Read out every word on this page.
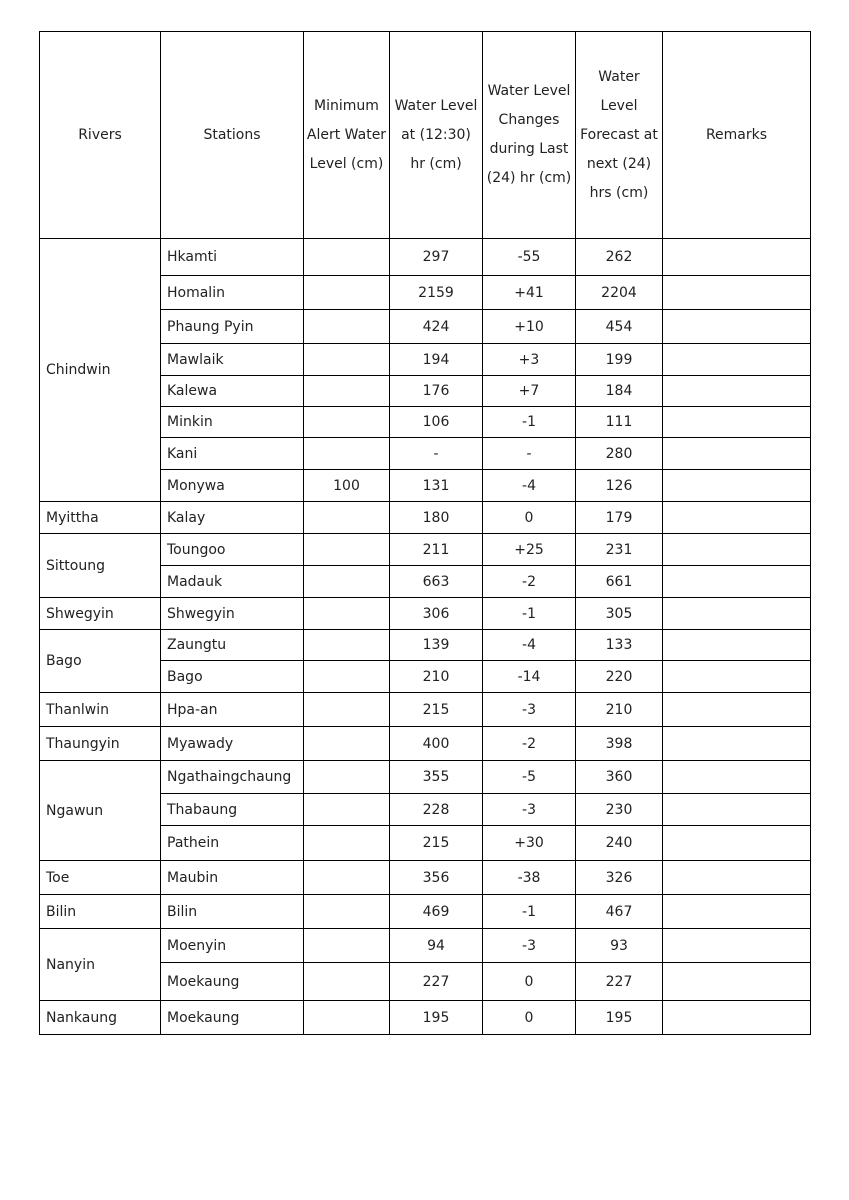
Rivers	Stations	Minimum Alert Water Level (cm)	Water Level at (12:30) hr (cm)	Water Level Changes during Last (24) hr (cm)	Water Level Forecast at next (24) hrs (cm)	Remarks
Chindwin	Hkamti		297	-55	262	
	Homalin		2159	+41	2204	
	Phaung Pyin		424	+10	454	
	Mawlaik		194	+3	199	
	Kalewa		176	+7	184	
	Minkin		106	-1	111	
	Kani		-	-	280	
	Monywa	100	131	-4	126	
Myittha	Kalay		180	0	179	
Sittoung	Toungoo		211	+25	231	
	Madauk		663	-2	661	
Shwegyin	Shwegyin		306	-1	305	
Bago	Zaungtu		139	-4	133	
	Bago		210	-14	220	
Thanlwin	Hpa-an		215	-3	210	
Thaungyin	Myawady		400	-2	398	
Ngawun	Ngathaingchaung		355	-5	360	
	Thabaung		228	-3	230	
	Pathein		215	+30	240	
Toe	Maubin		356	-38	326	
Bilin	Bilin		469	-1	467	
Nanyin	Moenyin		94	-3	93	
	Moekaung		227	0	227	
Nankaung	Moekaung		195	0	195	
